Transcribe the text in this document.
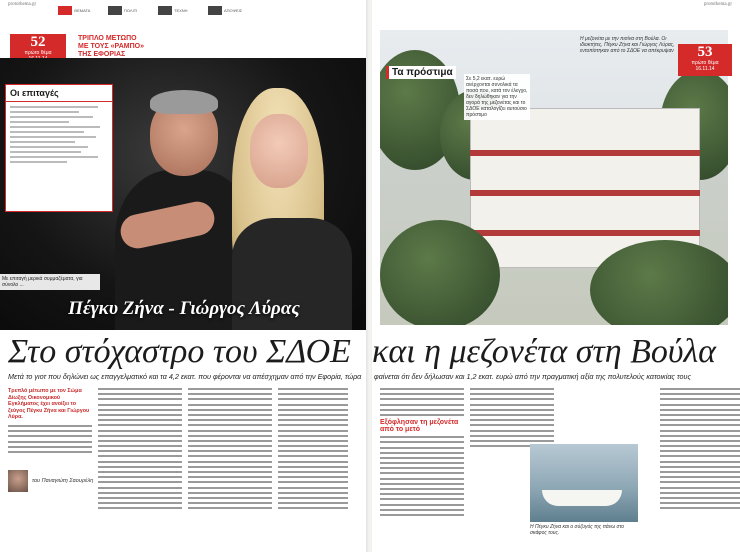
protothema.gr
ΘΕΜΑΤΑ	ΠΟΛΙΤΙ	ΤΕΧΝΗ	ΑΠΟΨΕΙΣ
52
πρώτο θέμα
ΤΡΙΠΛΟ ΜΕΤΩΠΟ ΜΕ ΤΟΥΣ «ΡΑΜΠΟ» ΤΗΣ ΕΦΟΡΙΑΣ
Με επιταγή μερικά συμμαζέματα, για σύνολο ...
Πέγκυ Ζήνα - Γιώργος Λύρας
Οι επιταγές
Τρεπλό μέτωπο με τον Σώμα Δίωξης Οικονομικού Εγκλήματος έχει ανοίξει το ζεύγος Πέγκυ Ζήνα και Γιώργου Λύρα.
του Παναγιώτη Σαουρέλη
protothema.gr
Τα πρόστιμα
Σε 5,2 εκατ. ευρώ ανέρχονται συνολικά τα ποσά που, κατά τον έλεγχο, δεν δηλώθηκαν για την αγορά της μεζονέτας και το ΣΔΟΕ καταλογίζει αυτούσιο πρόστιμο
Η μεζονέτα με την πισίνα στη Βούλα. Οι ιδιοκτήτες, Πέγκυ Ζήνα και Γιώργος Λύρας, εντοπίστηκαν από το ΣΔΟΕ να απέκρυψαν	53
πρώτο θέμα
16.11.14
Εξόφλησαν τη μεζονέτα από το μετό
Η Πέγκυ Ζήνα και ο σύζυγός της πάνω στο σκάφος τους.
Στο στόχαστρο του ΣΔΟΕ και η μεζονέτα στη Βούλα
Μετά το γιοτ που δηλώνει ως επαγγελματικό και τα 4,2 εκατ. που φέρονται να απέσχημαν από την Εφορία, τώρα	φαίνεται ότι δεν δήλωσαν και 1,2 εκατ. ευρώ από την πραγματική αξία της πολυτελούς κατοικίας τους
